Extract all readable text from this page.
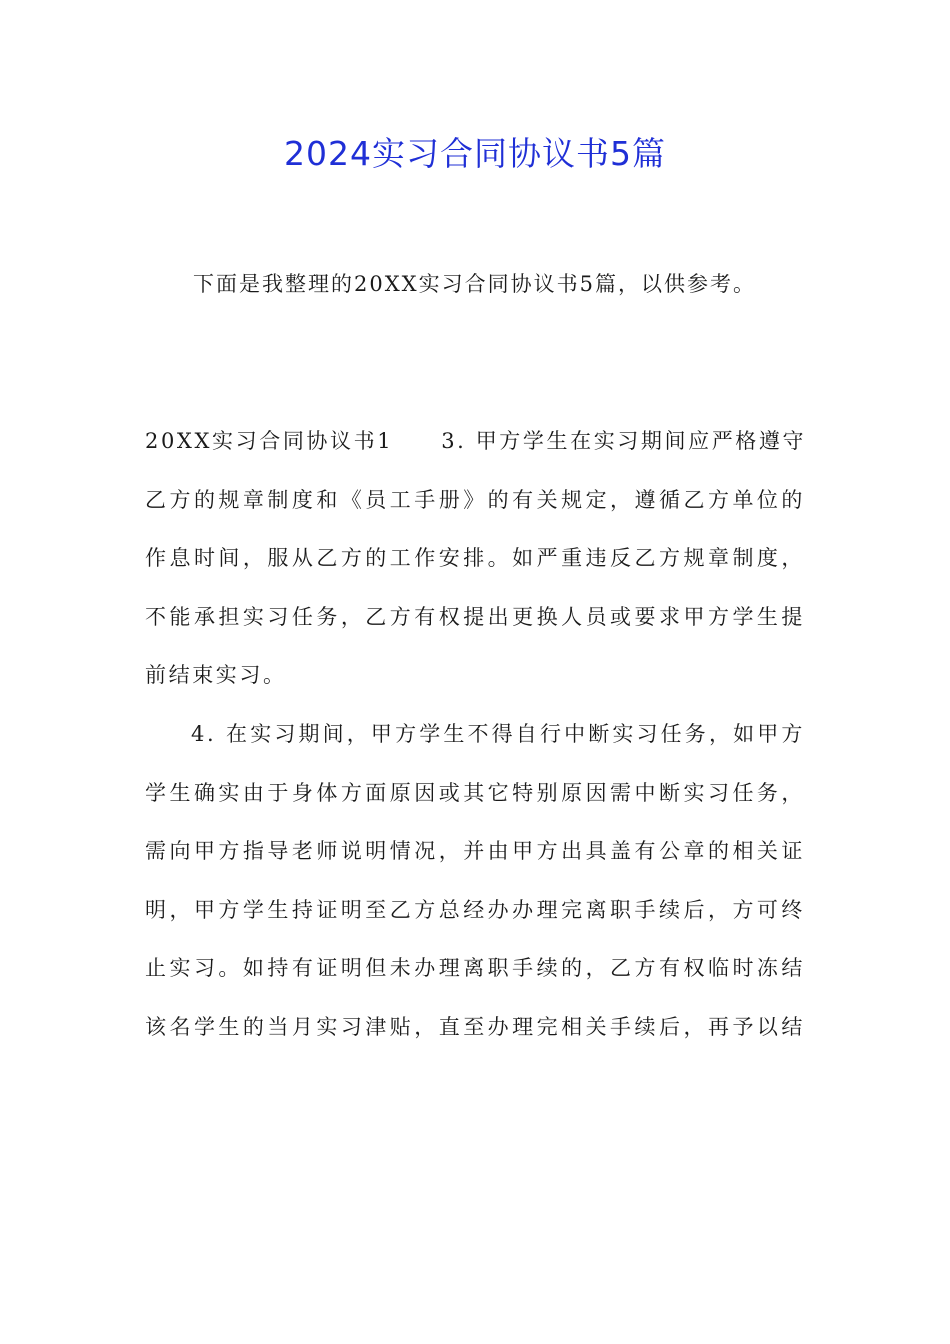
2024实习合同协议书5篇

下面是我整理的20XX实习合同协议书5篇，以供参考。

20XX实习合同协议书1 3. 甲方学生在实习期间应严格遵守
乙方的规章制度和《员工手册》的有关规定，遵循乙方单位的
作息时间，服从乙方的工作安排。如严重违反乙方规章制度，
不能承担实习任务，乙方有权提出更换人员或要求甲方学生提
前结束实习。
4. 在实习期间，甲方学生不得自行中断实习任务，如甲方
学生确实由于身体方面原因或其它特别原因需中断实习任务，
需向甲方指导老师说明情况，并由甲方出具盖有公章的相关证
明，甲方学生持证明至乙方总经办办理完离职手续后，方可终
止实习。如持有证明但未办理离职手续的，乙方有权临时冻结
该名学生的当月实习津贴，直至办理完相关手续后，再予以结
